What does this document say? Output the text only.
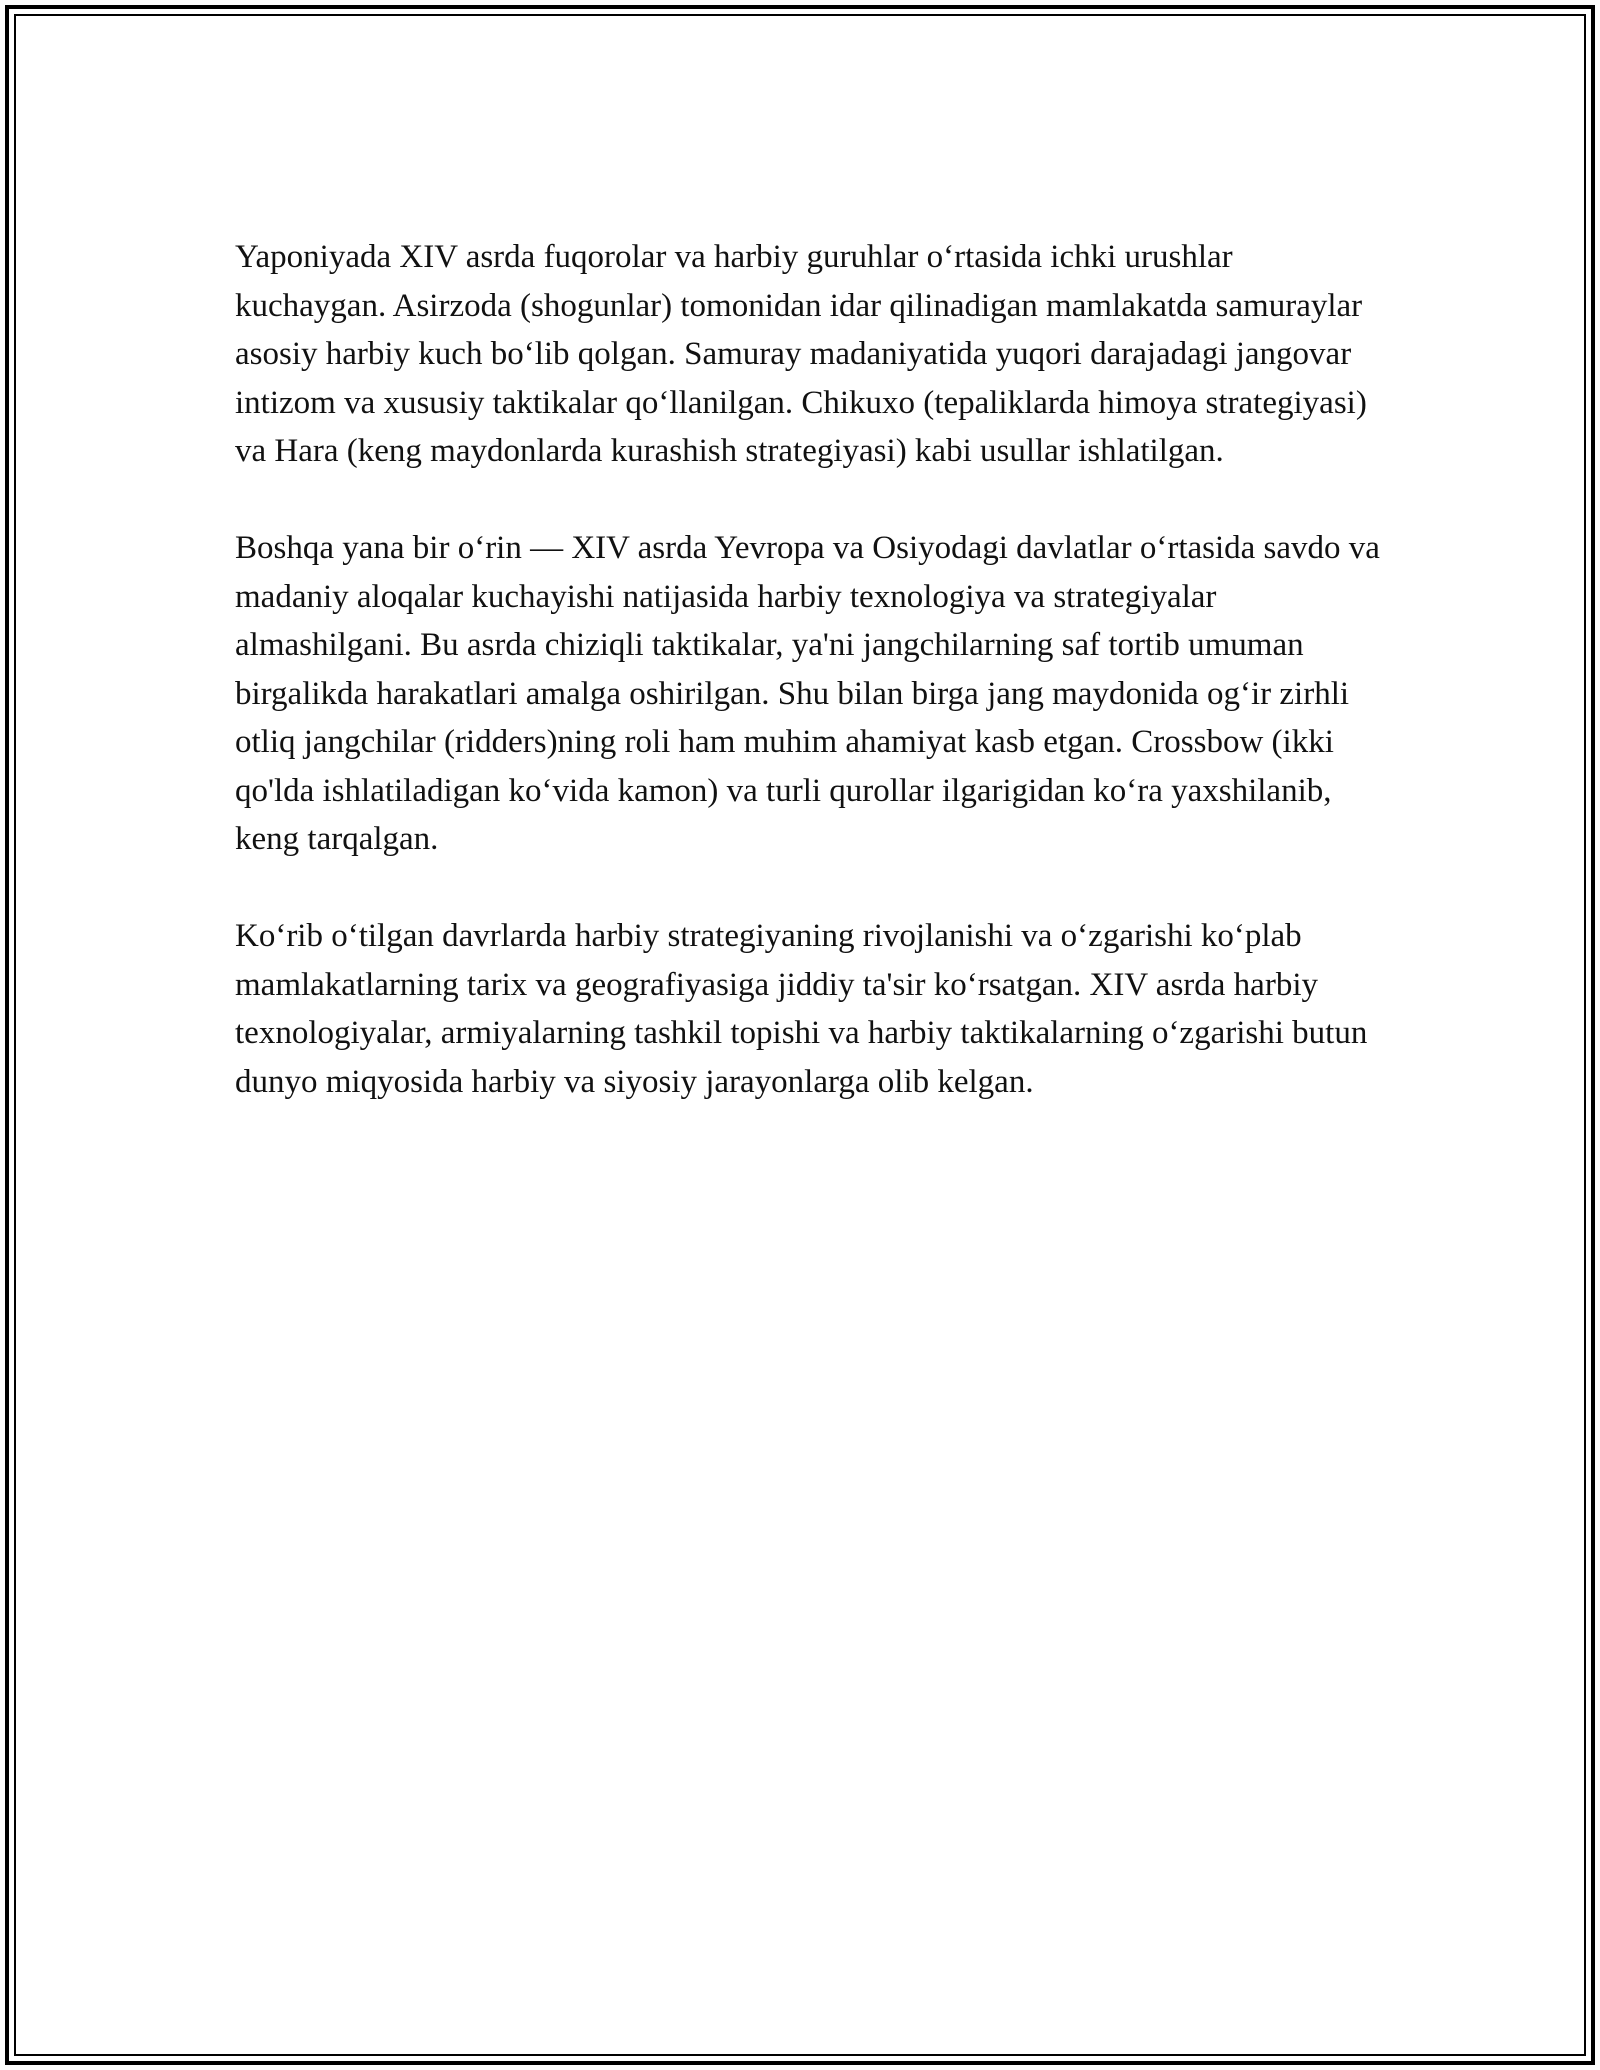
Yaponiyada XIV asrda fuqorolar va harbiy guruhlar o‘rtasida ichki urushlar kuchaygan. Asirzoda (shogunlar) tomonidan idar qilinadigan mamlakatda samuraylar asosiy harbiy kuch bo‘lib qolgan. Samuray madaniyatida yuqori darajadagi jangovar intizom va xususiy taktikalar qo‘llanilgan. Chikuxo (tepaliklarda himoya strategiyasi) va Hara (keng maydonlarda kurashish strategiyasi) kabi usullar ishlatilgan.

Boshqa yana bir o‘rin — XIV asrda Yevropa va Osiyodagi davlatlar o‘rtasida savdo va madaniy aloqalar kuchayishi natijasida harbiy texnologiya va strategiyalar almashilgani. Bu asrda chiziqli taktikalar, ya'ni jangchilarning saf tortib umuman birgalikda harakatlari amalga oshirilgan. Shu bilan birga jang maydonida og‘ir zirhli otliq jangchilar (ridders)ning roli ham muhim ahamiyat kasb etgan. Crossbow (ikki qo'lda ishlatiladigan ko‘vida kamon) va turli qurollar ilgarigidan ko‘ra yaxshilanib, keng tarqalgan.

Ko‘rib o‘tilgan davrlarda harbiy strategiyaning rivojlanishi va o‘zgarishi ko‘plab mamlakatlarning tarix va geografiyasiga jiddiy ta'sir ko‘rsatgan. XIV asrda harbiy texnologiyalar, armiyalarning tashkil topishi va harbiy taktikalarning o‘zgarishi butun dunyo miqyosida harbiy va siyosiy jarayonlarga olib kelgan.
